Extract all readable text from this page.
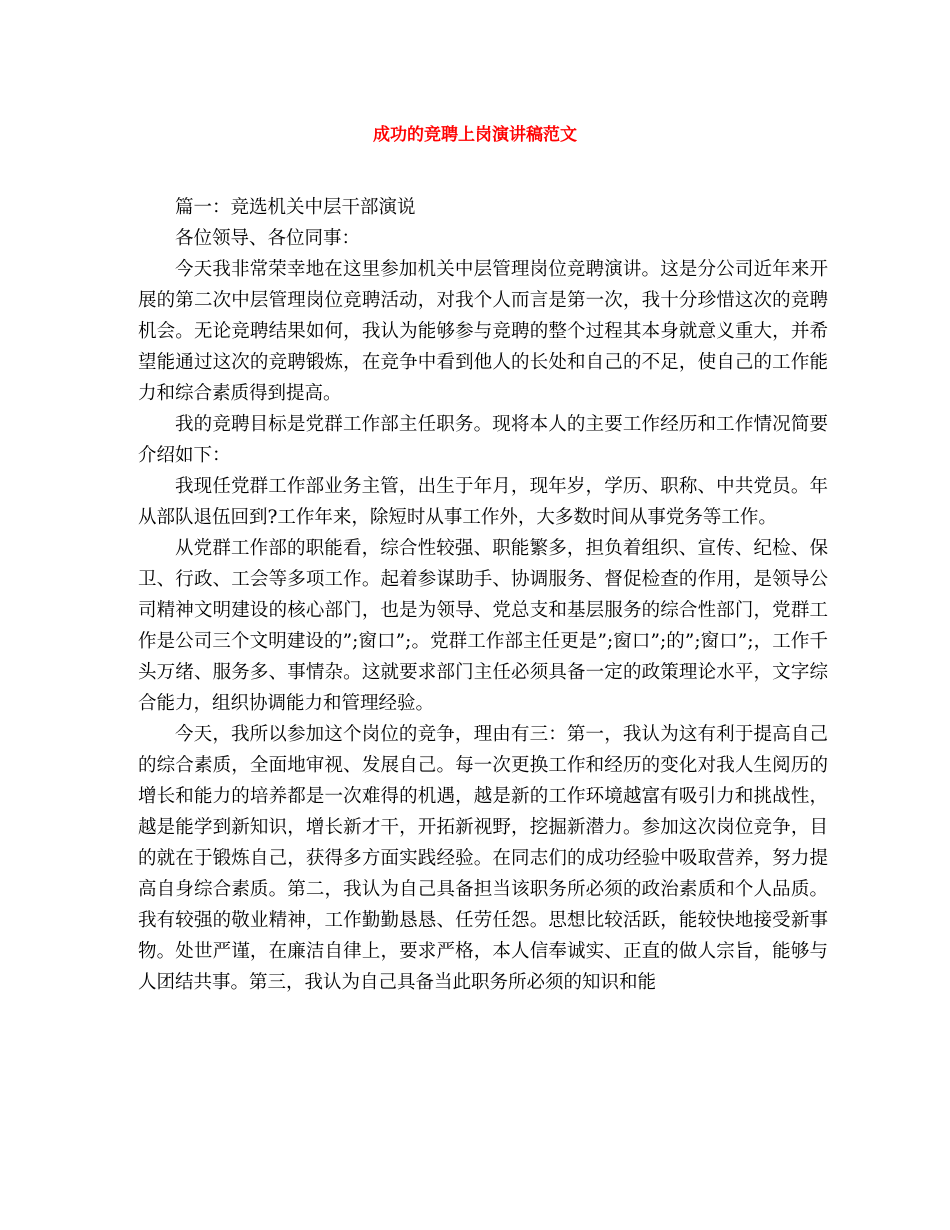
成功的竞聘上岗演讲稿范文

篇一：竞选机关中层干部演说

各位领导、各位同事：

今天我非常荣幸地在这里参加机关中层管理岗位竞聘演讲。这是分公司近年来开展的第二次中层管理岗位竞聘活动，对我个人而言是第一次，我十分珍惜这次的竞聘机会。无论竞聘结果如何，我认为能够参与竞聘的整个过程其本身就意义重大，并希望能通过这次的竞聘锻炼，在竞争中看到他人的长处和自己的不足，使自己的工作能力和综合素质得到提高。

我的竞聘目标是党群工作部主任职务。现将本人的主要工作经历和工作情况简要介绍如下：

我现任党群工作部业务主管，出生于年月，现年岁，学历、职称、中共党员。年从部队退伍回到?工作年来，除短时从事工作外，大多数时间从事党务等工作。

从党群工作部的职能看，综合性较强、职能繁多，担负着组织、宣传、纪检、保卫、行政、工会等多项工作。起着参谋助手、协调服务、督促检查的作用，是领导公司精神文明建设的核心部门，也是为领导、党总支和基层服务的综合性部门，党群工作是公司三个文明建设的”;窗口”;。党群工作部主任更是”;窗口”;的”;窗口”;，工作千头万绪、服务多、事情杂。这就要求部门主任必须具备一定的政策理论水平，文字综合能力，组织协调能力和管理经验。

今天，我所以参加这个岗位的竞争，理由有三：第一，我认为这有利于提高自己的综合素质，全面地审视、发展自己。每一次更换工作和经历的变化对我人生阅历的增长和能力的培养都是一次难得的机遇，越是新的工作环境越富有吸引力和挑战性，越是能学到新知识，增长新才干，开拓新视野，挖掘新潜力。参加这次岗位竞争，目的就在于锻炼自己，获得多方面实践经验。在同志们的成功经验中吸取营养，努力提高自身综合素质。第二，我认为自己具备担当该职务所必须的政治素质和个人品质。我有较强的敬业精神，工作勤勤恳恳、任劳任怨。思想比较活跃，能较快地接受新事物。处世严谨，在廉洁自律上，要求严格，本人信奉诚实、正直的做人宗旨，能够与人团结共事。第三，我认为自己具备当此职务所必须的知识和能
